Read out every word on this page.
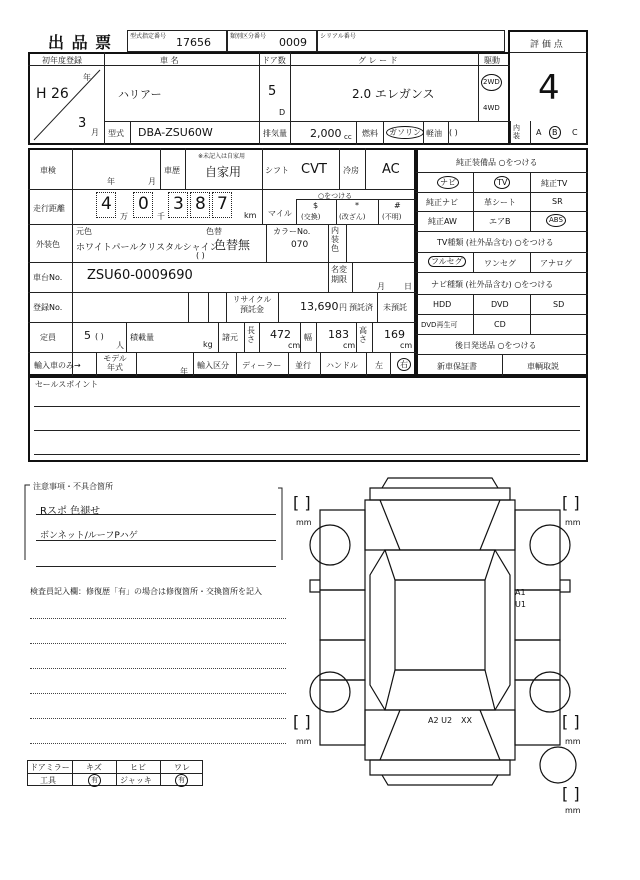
出 品 票	型式指定番号 17656	類別区分番号 0009 シリアル番号
評 価 点
4
初年度登録
年
H 26
3
月
車 名
ハリアー
ドア数
5
D
グ レ ー ド
2.0 エレガンス
駆動
2WD
4WD
型式 DBA-ZSU60W	排気量 2,000 cc 燃料	ガソリン 軽油 ( )	内装	A	B	C
車検
年	月
車歴
※未記入は自家用
自家用	シフト CVT 冷房 AC
走行距離 4
万
0
千
3 8 7
km マイル
○をつける
$
(交換)
*
(改ざん)
#
(不明)
外装色
元色
ホワイトパールクリスタルシャイン
色替
色替無
( )
カラーNo.
070
内装色
車台No. ZSU60-0009690	名変期限
月 日
登録No.
リサイクル預託金	13,690 円 預託済 未預託
定員	5 ( )
人
積載量
kg
諸元
長さ 472
cm
幅 183
cm
高さ 169
cm
輸入車のみ→
モデル年式	年
輸入区分 ディーラー 並行 ハンドル 左	右
純正装備品 ○をつける
ナビ	TV	純正TV
純正ナビ	革シート	SR
純正AW	エアB	ABS
TV種類 (社外品含む) ○をつける
フルセグ	ワンセグ	アナログ
ナビ種類 (社外品含む) ○をつける
HDD	DVD	SD
DVD再生可	CD
後日発送品 ○をつける
新車保証書	車輌取説
セールスポイント
注意事項・不具合箇所
Rスポ 色褪せ
ボンネット/ルーフPハゲ
検査員記入欄：修復歴「有」の場合は修復箇所・交換箇所を記入
ドアミラー キズ	ヒビ	ワレ
工具	有	ジャッキ	有
A1
U1
A2 U2 XX
[ ]
mm
[ ]
mm
[ ]
mm
[ ]
mm
[ ]
mm
